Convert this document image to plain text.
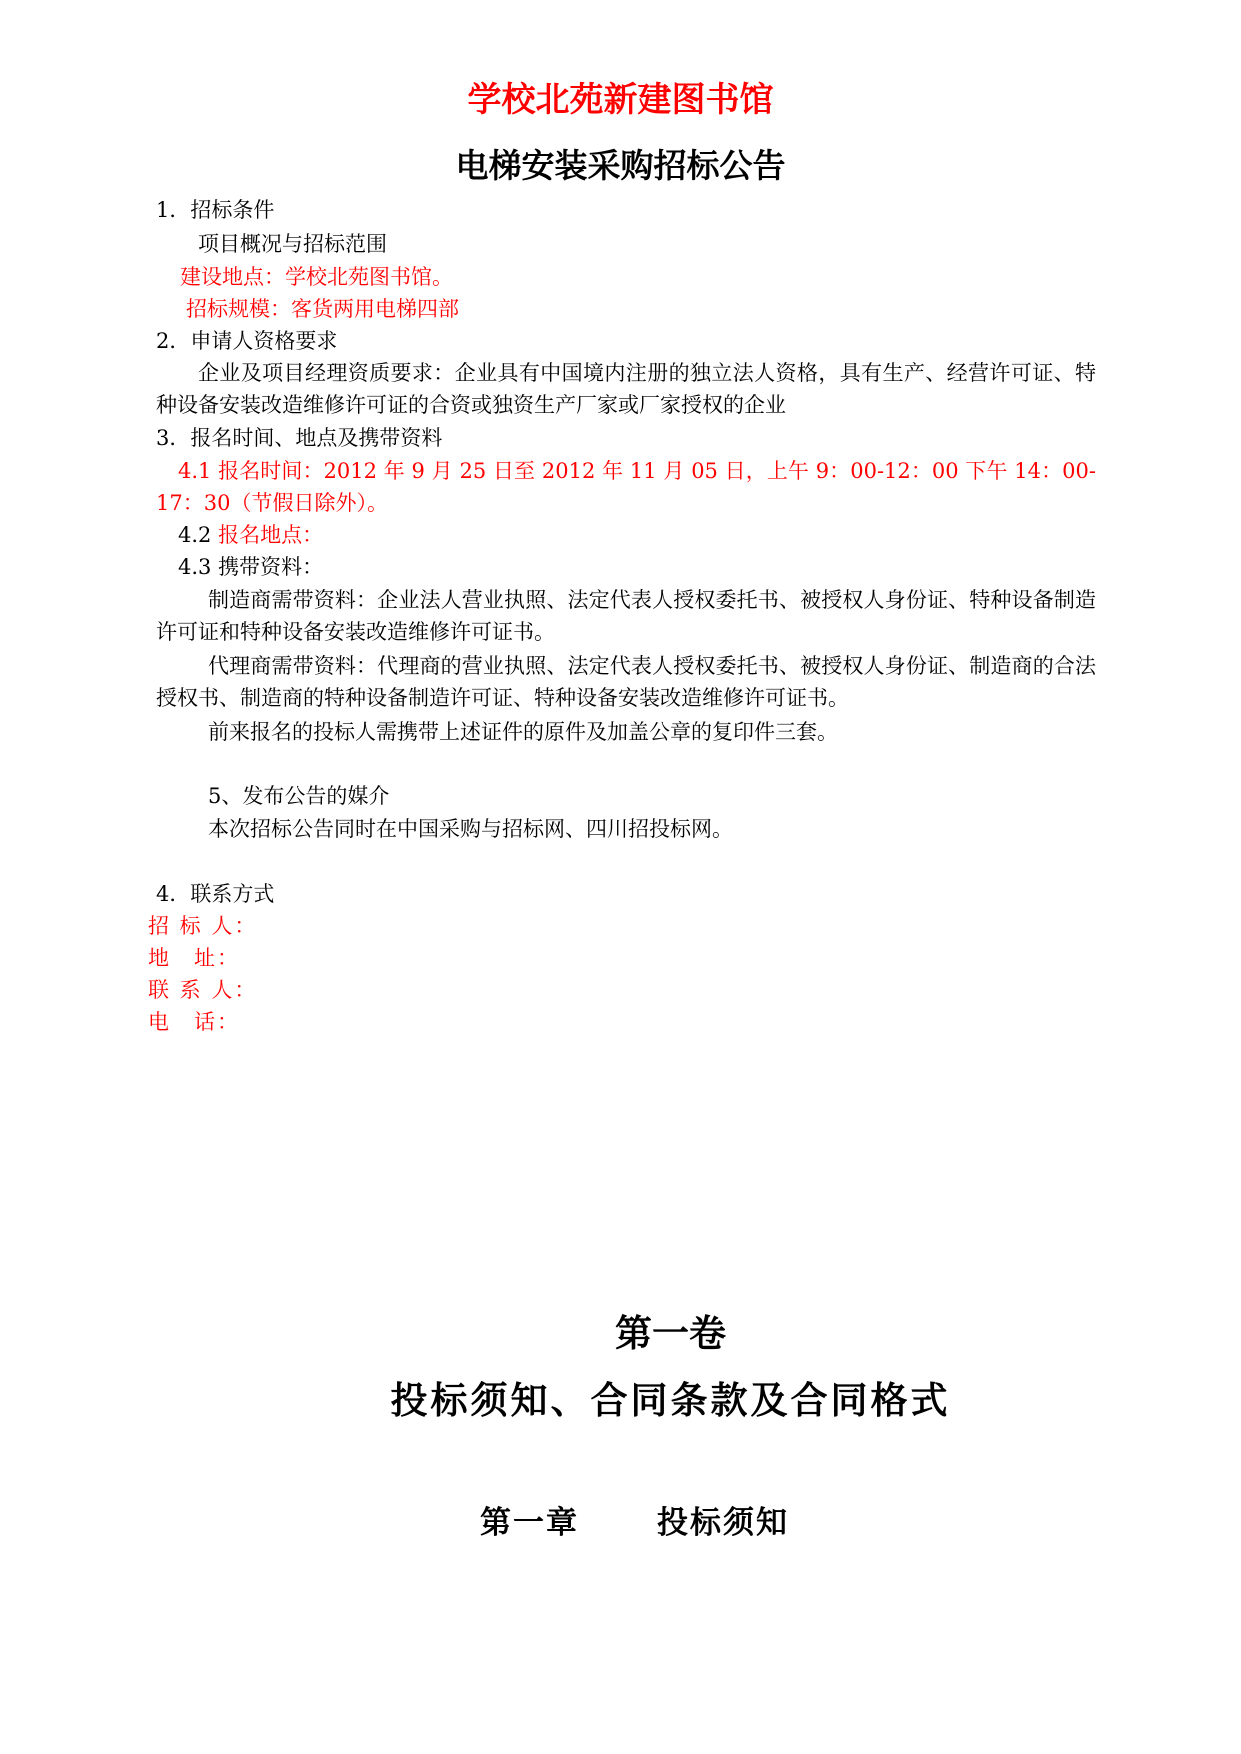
学校北苑新建图书馆
电梯安装采购招标公告
1．招标条件
项目概况与招标范围
建设地点：学校北苑图书馆。
招标规模：客货两用电梯四部
2．申请人资格要求
企业及项目经理资质要求：企业具有中国境内注册的独立法人资格，具有生产、经营许可证、特种设备安装改造维修许可证的合资或独资生产厂家或厂家授权的企业
3．报名时间、地点及携带资料
4.1 报名时间：2012 年 9 月 25 日至 2012 年 11 月 05 日，上午 9：00-12：00 下午 14：00-17：30（节假日除外）。
4.2 报名地点：
4.3 携带资料：
制造商需带资料：企业法人营业执照、法定代表人授权委托书、被授权人身份证、特种设备制造许可证和特种设备安装改造维修许可证书。
代理商需带资料：代理商的营业执照、法定代表人授权委托书、被授权人身份证、制造商的合法授权书、制造商的特种设备制造许可证、特种设备安装改造维修许可证书。
前来报名的投标人需携带上述证件的原件及加盖公章的复印件三套。
5、发布公告的媒介
本次招标公告同时在中国采购与招标网、四川招投标网。
4．联系方式
招 标 人：
地　址：
联 系 人：
电　话：
第一卷
投标须知、合同条款及合同格式
第一章	投标须知
